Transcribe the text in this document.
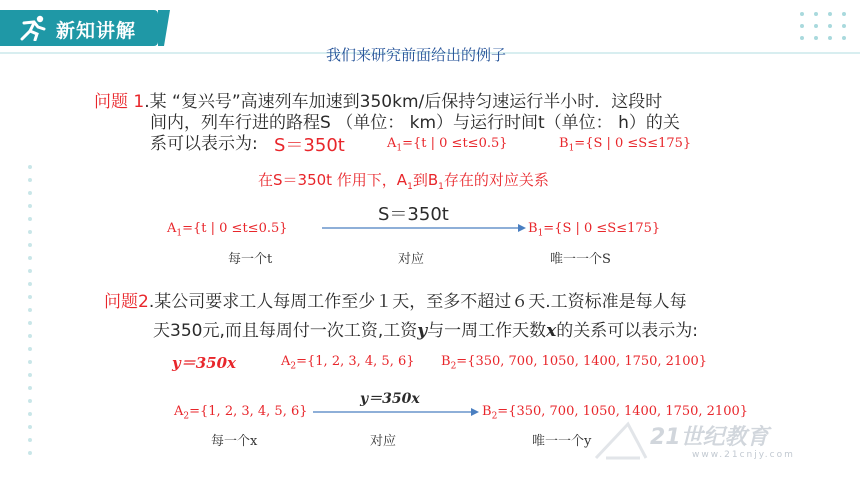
新知讲解
我们来研究前面给出的例子
问题 1.某 “复兴号”高速列车加速到350km/后保持匀速运行半小时．这段时
间内，列车行进的路程S （单位： km）与运行时间t（单位： h）的关
系可以表示为: S＝350t	$A_1=\{t$ | 0 ≤t≤0.5}	$B_1=\{S$ | 0 ≤S≤175}
在S＝350t 作用下，$A_1$到$B_1$存在的对应关系
S＝350t
$A_1=\{t$ | 0 ≤t≤0.5}	$B_1=\{S$ | 0 ≤S≤175}
每一个t	对应	唯一一个S
问题2.某公司要求工人每周工作至少１天，至多不超过６天.工资标准是每人每
天350元,而且每周付一次工资,工资y与一周工作天数x的关系可以表示为:
y＝350x	$A_2=\{1$, 2, 3, 4, 5, 6} $B_2=\{350$, 700, 1050, 1400, 1750, 2100}
y＝350x
$A_2=\{1$, 2, 3, 4, 5, 6}	$B_2=\{350$, 700, 1050, 1400, 1750, 2100}
每一个x	对应	唯一一个y	21世纪教育
www.21cnjy.com
